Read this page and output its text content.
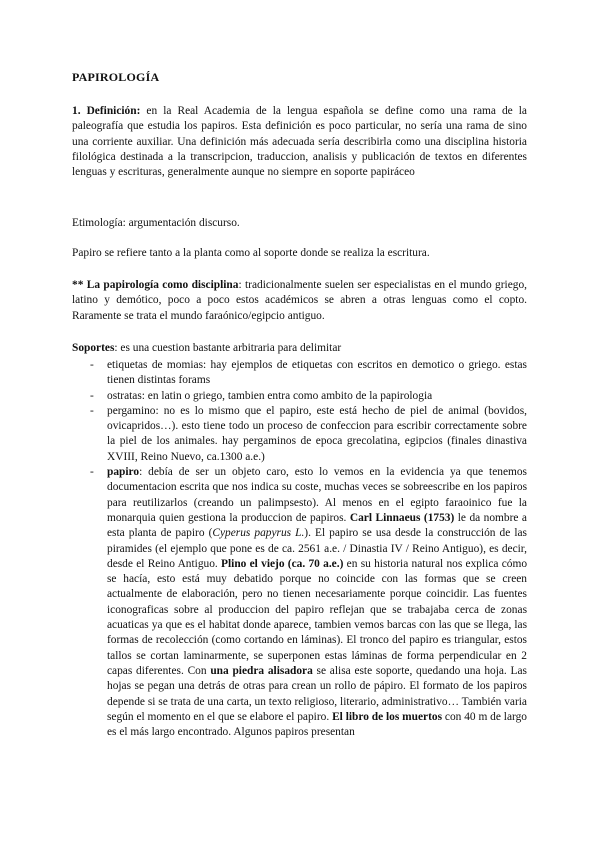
PAPIROLOGÍA

1. Definición: en la Real Academia de la lengua española se define como una rama de la paleografía que estudia los papiros. Esta definición es poco particular, no sería una rama de sino una corriente auxiliar. Una definición más adecuada sería describirla como una disciplina historia filológica destinada a la transcripcion, traduccion, analisis y publicación de textos en diferentes lenguas y escrituras, generalmente aunque no siempre en soporte papiráceo

Etimología: argumentación discurso.

Papiro se refiere tanto a la planta como al soporte donde se realiza la escritura.

** La papirología como disciplina: tradicionalmente suelen ser especialistas en el mundo griego, latino y demótico, poco a poco estos académicos se abren a otras lenguas como el copto. Raramente se trata el mundo faraónico/egipcio antiguo.

Soportes: es una cuestion bastante arbitraria para delimitar

- etiquetas de momias: hay ejemplos de etiquetas con escritos en demotico o griego. estas tienen distintas forams
- ostratas: en latin o griego, tambien entra como ambito de la papirologia
- pergamino: no es lo mismo que el papiro, este está hecho de piel de animal (bovidos, ovicapridos…). esto tiene todo un proceso de confeccion para escribir correctamente sobre la piel de los animales. hay pergaminos de epoca grecolatina, egipcios (finales dinastiva XVIII, Reino Nuevo, ca.1300 a.e.)
- papiro: debía de ser un objeto caro, esto lo vemos en la evidencia ya que tenemos documentacion escrita que nos indica su coste, muchas veces se sobreescribe en los papiros para reutilizarlos (creando un palimpsesto). Al menos en el egipto faraoinico fue la monarquia quien gestiona la produccion de papiros. Carl Linnaeus (1753) le da nombre a esta planta de papiro (Cyperus papyrus L.). El papiro se usa desde la construcción de las piramides (el ejemplo que pone es de ca. 2561 a.e. / Dinastia IV / Reino Antiguo), es decir, desde el Reino Antiguo. Plino el viejo (ca. 70 a.e.) en su historia natural nos explica cómo se hacía, esto está muy debatido porque no coincide con las formas que se creen actualmente de elaboración, pero no tienen necesariamente porque coincidir. Las fuentes iconograficas sobre al produccion del papiro reflejan que se trabajaba cerca de zonas acuaticas ya que es el habitat donde aparece, tambien vemos barcas con las que se llega, las formas de recolección (como cortando en láminas). El tronco del papiro es triangular, estos tallos se cortan laminarmente, se superponen estas láminas de forma perpendicular en 2 capas diferentes. Con una piedra alisadora se alisa este soporte, quedando una hoja. Las hojas se pegan una detrás de otras para crean un rollo de pápiro. El formato de los papiros depende si se trata de una carta, un texto religioso, literario, administrativo… También varia según el momento en el que se elabore el papiro. El libro de los muertos con 40 m de largo es el más largo encontrado. Algunos papiros presentan
